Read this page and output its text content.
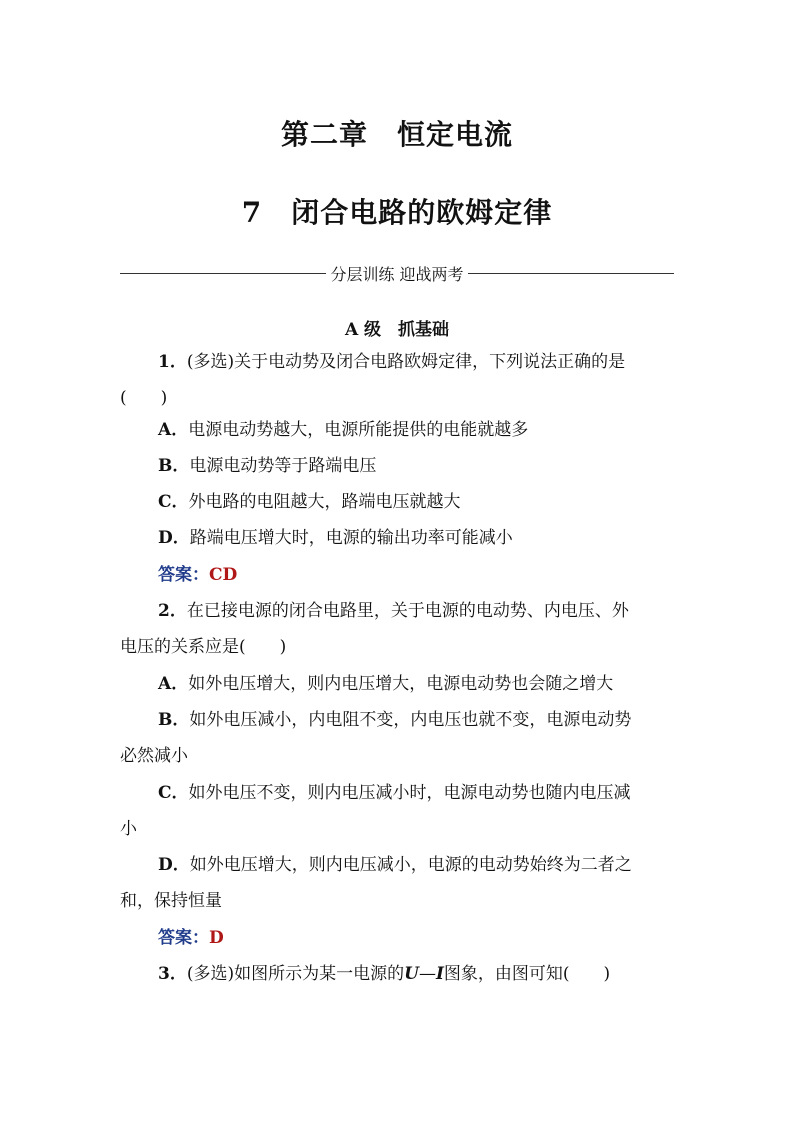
第二章　恒定电流
7　闭合电路的欧姆定律
分层训练 迎战两考
A 级　抓基础
1．(多选)关于电动势及闭合电路欧姆定律，下列说法正确的是
(　　)
A．电源电动势越大，电源所能提供的电能就越多
B．电源电动势等于路端电压
C．外电路的电阻越大，路端电压就越大
D．路端电压增大时，电源的输出功率可能减小
答案：CD
2．在已接电源的闭合电路里，关于电源的电动势、内电压、外
电压的关系应是(　　)
A．如外电压增大，则内电压增大，电源电动势也会随之增大
B．如外电压减小，内电阻不变，内电压也就不变，电源电动势
必然减小
C．如外电压不变，则内电压减小时，电源电动势也随内电压减
小
D．如外电压增大，则内电压减小，电源的电动势始终为二者之
和，保持恒量
答案：D
3．(多选)如图所示为某一电源的U—I图象，由图可知(　　)
